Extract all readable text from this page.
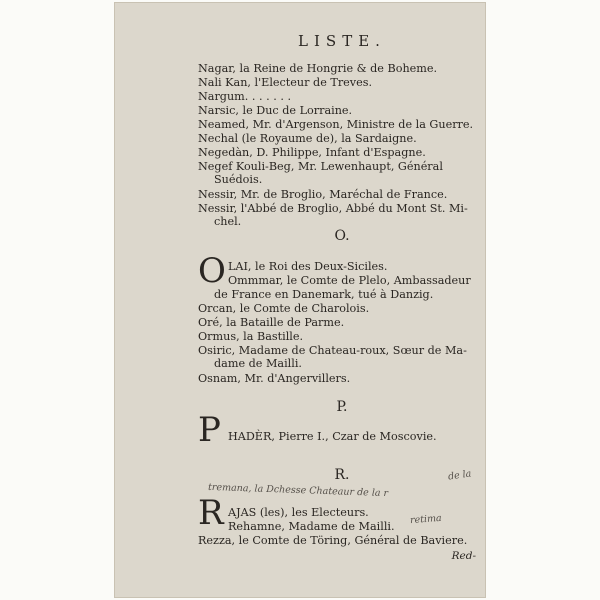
LISTE.
Nagar, la Reine de Hongrie & de Boheme.
Nali Kan, l'Electeur de Treves.
Nargum. . . . . . .
Narsic, le Duc de Lorraine.
Neamed, Mr. d'Argenson, Ministre de la Guerre.
Nechal (le Royaume de), la Sardaigne.
Negedàn, D. Philippe, Infant d'Espagne.
Negef Kouli-Beg, Mr. Lewenhaupt, Général
Suédois.
Nessir, Mr. de Broglio, Maréchal de France.
Nessir, l'Abbé de Broglio, Abbé du Mont St. Mi-
chel.
O.
O LAI, le Roi des Deux-Siciles.
Ommmar, le Comte de Plelo, Ambassadeur
de France en Danemark, tué à Danzig.
Orcan, le Comte de Charolois.
Oré, la Bataille de Parme.
Ormus, la Bastille.
Osiric, Madame de Chateau-roux, Sœur de Ma-
dame de Mailli.
Osnam, Mr. d'Angervillers.
P.
P HADÈR, Pierre I., Czar de Moscovie.
R.
tremana, la Dchesse Chateaur de la r
de la
R AJAS (les), les Electeurs.
Rehamne, Madame de Mailli.
retima
Rezza, le Comte de Töring, Général de Baviere.
Red-
